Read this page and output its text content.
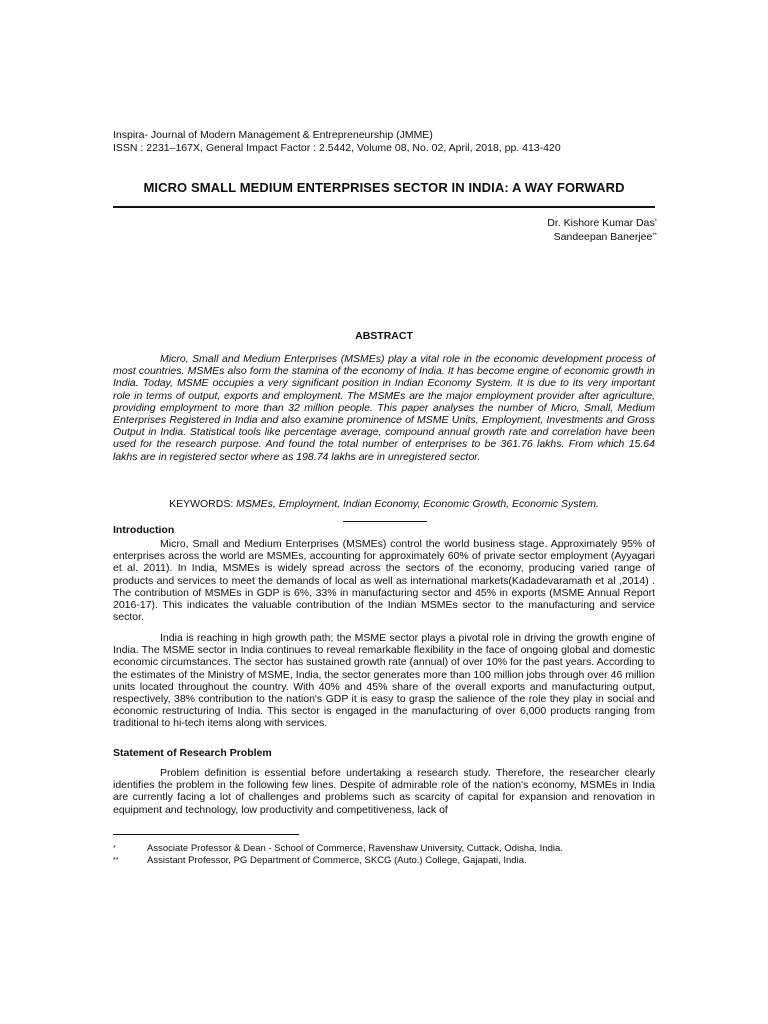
Inspira- Journal of Modern Management & Entrepreneurship (JMME)
ISSN : 2231–167X, General Impact Factor : 2.5442, Volume 08, No. 02, April, 2018, pp. 413-420
MICRO SMALL MEDIUM ENTERPRISES SECTOR IN INDIA: A WAY FORWARD
Dr. Kishore Kumar Das*
Sandeepan Banerjee**
ABSTRACT

Micro, Small and Medium Enterprises (MSMEs) play a vital role in the economic development process of most countries. MSMEs also form the stamina of the economy of India. It has become engine of economic growth in India. Today, MSME occupies a very significant position in Indian Economy System. It is due to its very important role in terms of output, exports and employment. The MSMEs are the major employment provider after agriculture, providing employment to more than 32 million people. This paper analyses the number of Micro, Small, Medium Enterprises Registered in India and also examine prominence of MSME Units, Employment, Investments and Gross Output in India. Statistical tools like percentage average, compound annual growth rate and correlation have been used for the research purpose. And found the total number of enterprises to be 361.76 lakhs. From which 15.64 lakhs are in registered sector where as 198.74 lakhs are in unregistered sector.

KEYWORDS: MSMEs, Employment, Indian Economy, Economic Growth, Economic System.
Introduction

Micro, Small and Medium Enterprises (MSMEs) control the world business stage. Approximately 95% of enterprises across the world are MSMEs, accounting for approximately 60% of private sector employment (Ayyagari et al. 2011). In India, MSMEs is widely spread across the sectors of the economy, producing varied range of products and services to meet the demands of local as well as international markets(Kadadevaramath et al ,2014) . The contribution of MSMEs in GDP is 6%, 33% in manufacturing sector and 45% in exports (MSME Annual Report 2016-17). This indicates the valuable contribution of the Indian MSMEs sector to the manufacturing and service sector.

India is reaching in high growth path; the MSME sector plays a pivotal role in driving the growth engine of India. The MSME sector in India continues to reveal remarkable flexibility in the face of ongoing global and domestic economic circumstances. The sector has sustained growth rate (annual) of over 10% for the past years. According to the estimates of the Ministry of MSME, India, the sector generates more than 100 million jobs through over 46 million units located throughout the country. With 40% and 45% share of the overall exports and manufacturing output, respectively, 38% contribution to the nation's GDP it is easy to grasp the salience of the role they play in social and economic restructuring of India. This sector is engaged in the manufacturing of over 6,000 products ranging from traditional to hi-tech items along with services.

Statement of Research Problem

Problem definition is essential before undertaking a research study. Therefore, the researcher clearly identifies the problem in the following few lines. Despite of admirable role of the nation's economy, MSMEs in India are currently facing a lot of challenges and problems such as scarcity of capital for expansion and renovation in equipment and technology, low productivity and competitiveness, lack of

*	Associate Professor & Dean - School of Commerce, Ravenshaw University, Cuttack, Odisha, India.
**	Assistant Professor, PG Department of Commerce, SKCG (Auto.) College, Gajapati, India.
